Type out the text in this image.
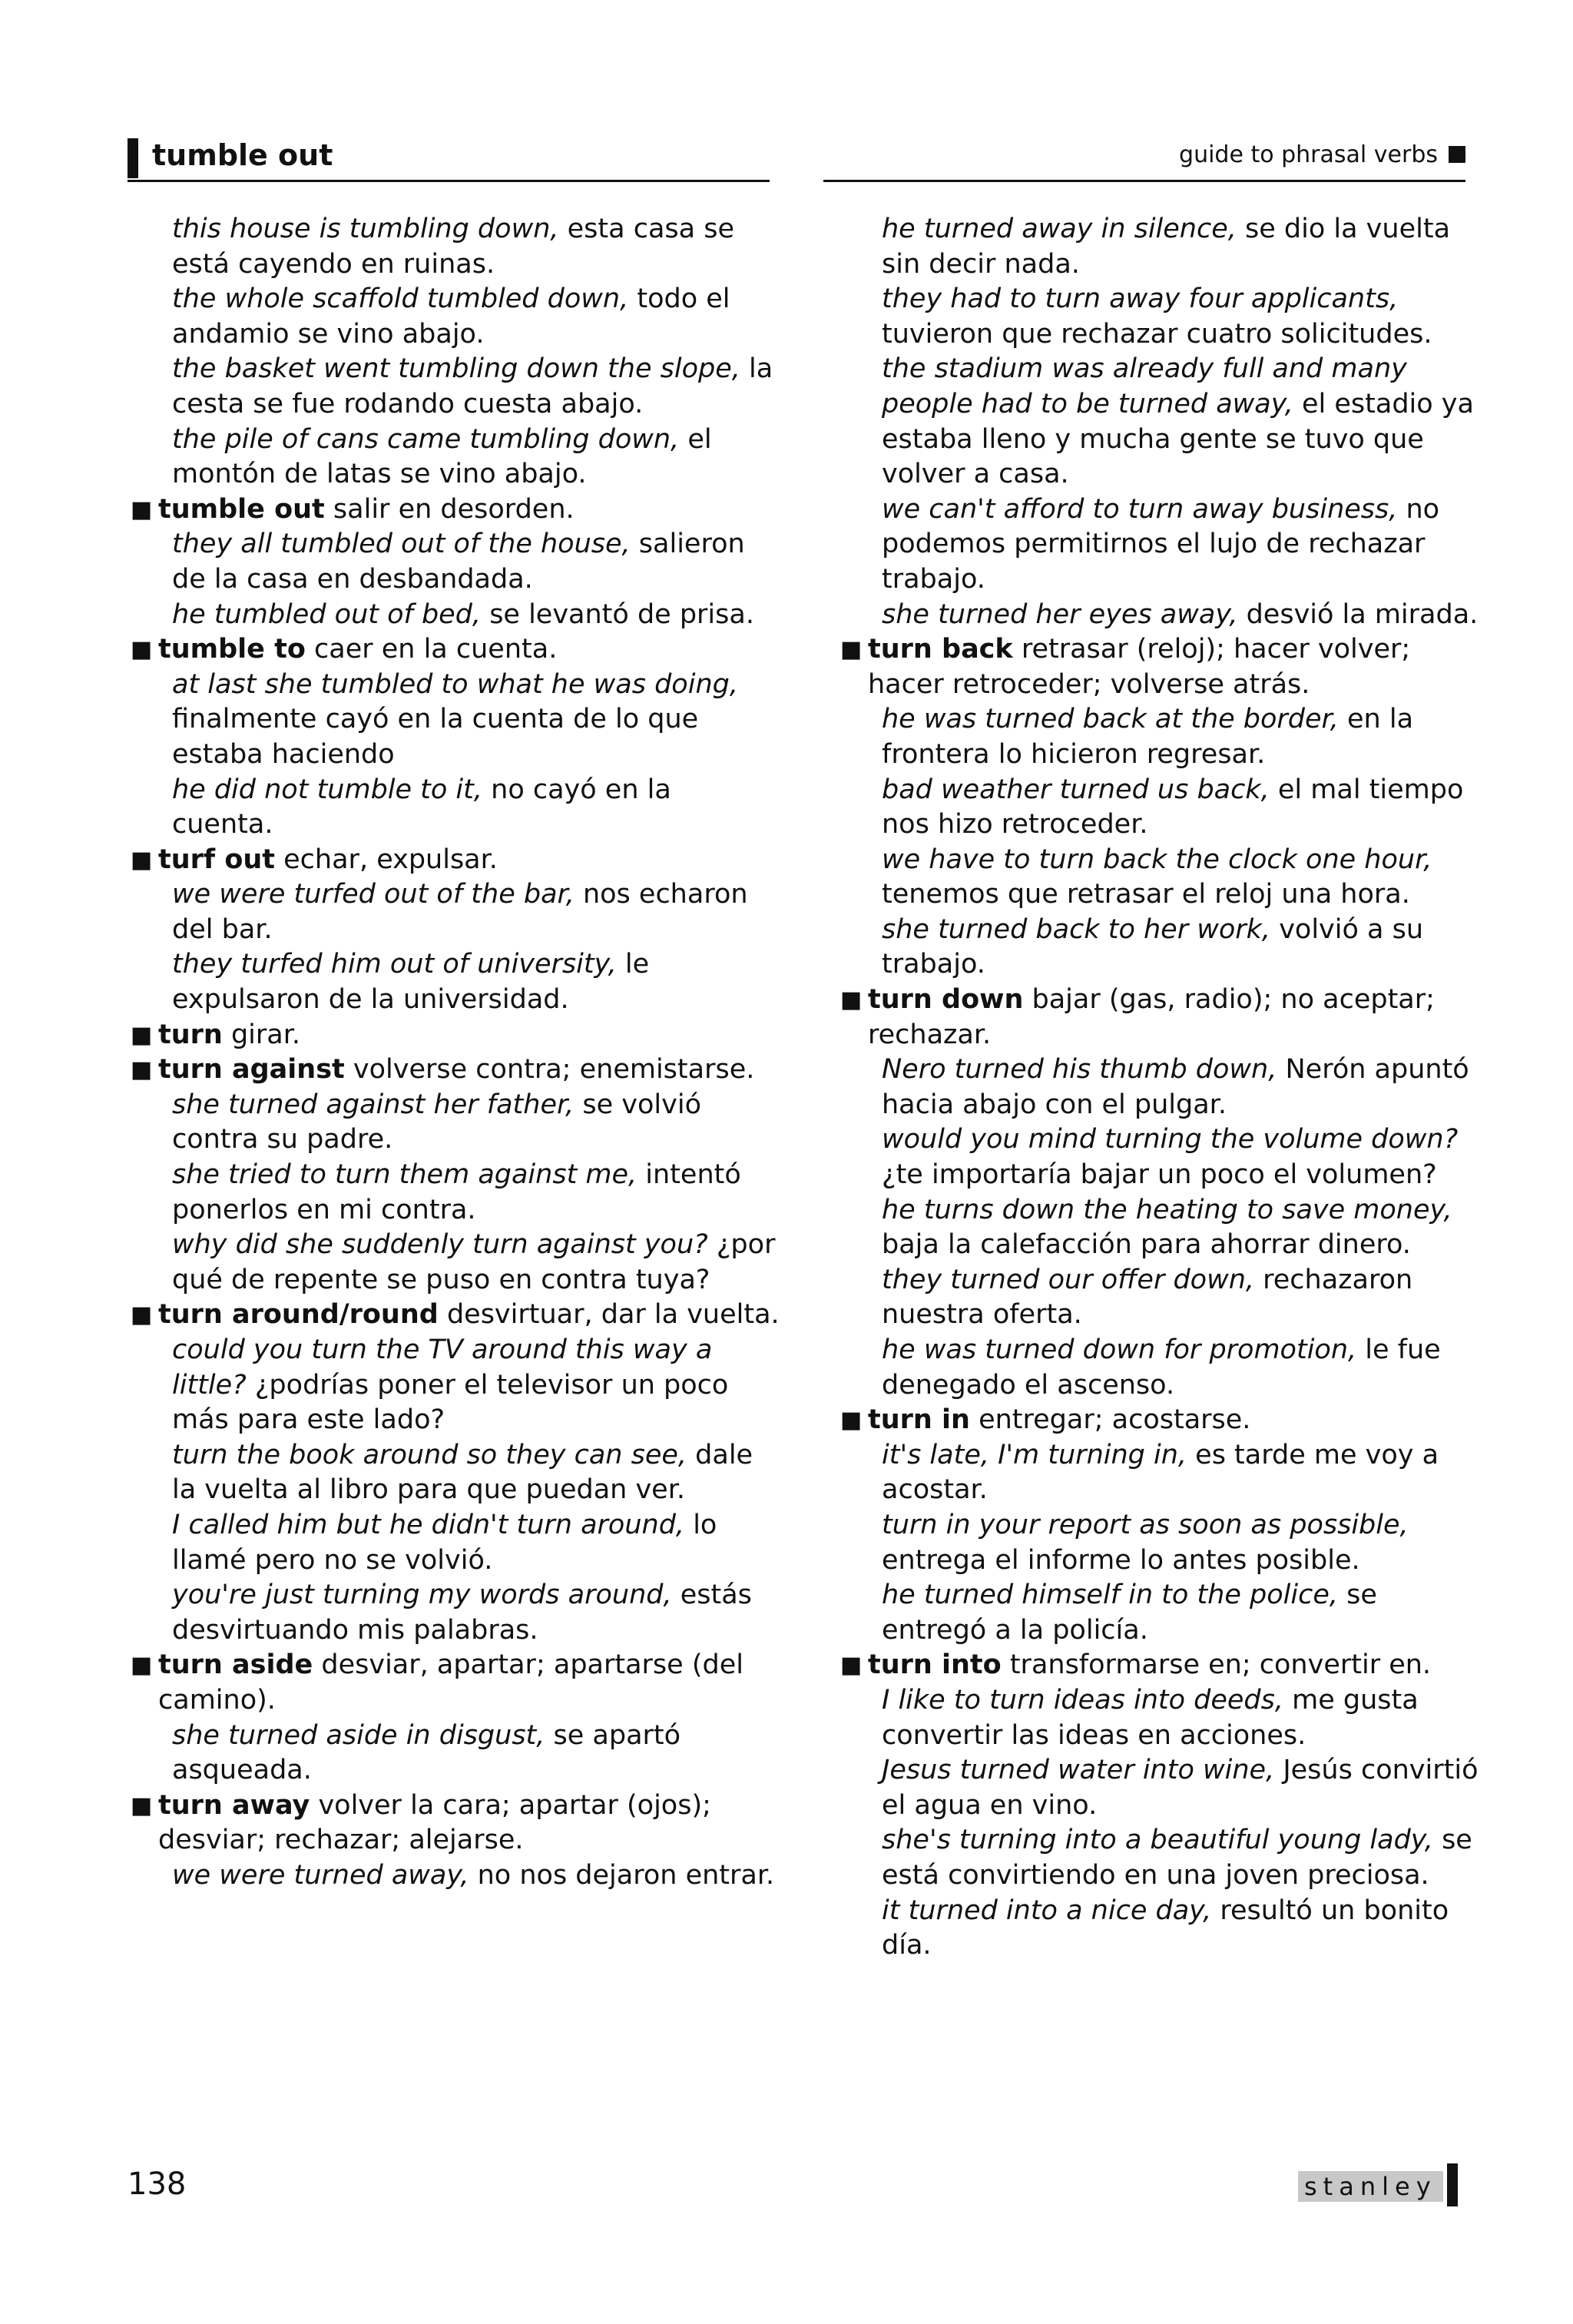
tumble out	guide to phrasal verbs
this house is tumbling down, esta casa se está cayendo en ruinas.
the whole scaffold tumbled down, todo el andamio se vino abajo.
the basket went tumbling down the slope, la cesta se fue rodando cuesta abajo.
the pile of cans came tumbling down, el montón de latas se vino abajo.
■ tumble out salir en desorden.
they all tumbled out of the house, salieron de la casa en desbandada.
he tumbled out of bed, se levantó de prisa.
■ tumble to caer en la cuenta.
at last she tumbled to what he was doing, finalmente cayó en la cuenta de lo que estaba haciendo
he did not tumble to it, no cayó en la cuenta.
■ turf out echar, expulsar.
we were turfed out of the bar, nos echaron del bar.
they turfed him out of university, le expulsaron de la universidad.
■ turn girar.
■ turn against volverse contra; enemistarse.
she turned against her father, se volvió contra su padre.
she tried to turn them against me, intentó ponerlos en mi contra.
why did she suddenly turn against you? ¿por qué de repente se puso en contra tuya?
■ turn around/round desvirtuar, dar la vuelta.
could you turn the TV around this way a little? ¿podrías poner el televisor un poco más para este lado?
turn the book around so they can see, dale la vuelta al libro para que puedan ver.
I called him but he didn't turn around, lo llamé pero no se volvió.
you're just turning my words around, estás desvirtuando mis palabras.
■ turn aside desviar, apartar; apartarse (del camino).
she turned aside in disgust, se apartó asqueada.
■ turn away volver la cara; apartar (ojos); desviar; rechazar; alejarse.
we were turned away, no nos dejaron entrar.
he turned away in silence, se dio la vuelta sin decir nada.
they had to turn away four applicants, tuvieron que rechazar cuatro solicitudes.
the stadium was already full and many people had to be turned away, el estadio ya estaba lleno y mucha gente se tuvo que volver a casa.
we can't afford to turn away business, no podemos permitirnos el lujo de rechazar trabajo.
she turned her eyes away, desvió la mirada.
■ turn back retrasar (reloj); hacer volver; hacer retroceder; volverse atrás.
he was turned back at the border, en la frontera lo hicieron regresar.
bad weather turned us back, el mal tiempo nos hizo retroceder.
we have to turn back the clock one hour, tenemos que retrasar el reloj una hora.
she turned back to her work, volvió a su trabajo.
■ turn down bajar (gas, radio); no aceptar; rechazar.
Nero turned his thumb down, Nerón apuntó hacia abajo con el pulgar.
would you mind turning the volume down? ¿te importaría bajar un poco el volumen?
he turns down the heating to save money, baja la calefacción para ahorrar dinero.
they turned our offer down, rechazaron nuestra oferta.
he was turned down for promotion, le fue denegado el ascenso.
■ turn in entregar; acostarse.
it's late, I'm turning in, es tarde me voy a acostar.
turn in your report as soon as possible, entrega el informe lo antes posible.
he turned himself in to the police, se entregó a la policía.
■ turn into transformarse en; convertir en.
I like to turn ideas into deeds, me gusta convertir las ideas en acciones.
Jesus turned water into wine, Jesús convirtió el agua en vino.
she's turning into a beautiful young lady, se está convirtiendo en una joven preciosa.
it turned into a nice day, resultó un bonito día.
138	stanley
